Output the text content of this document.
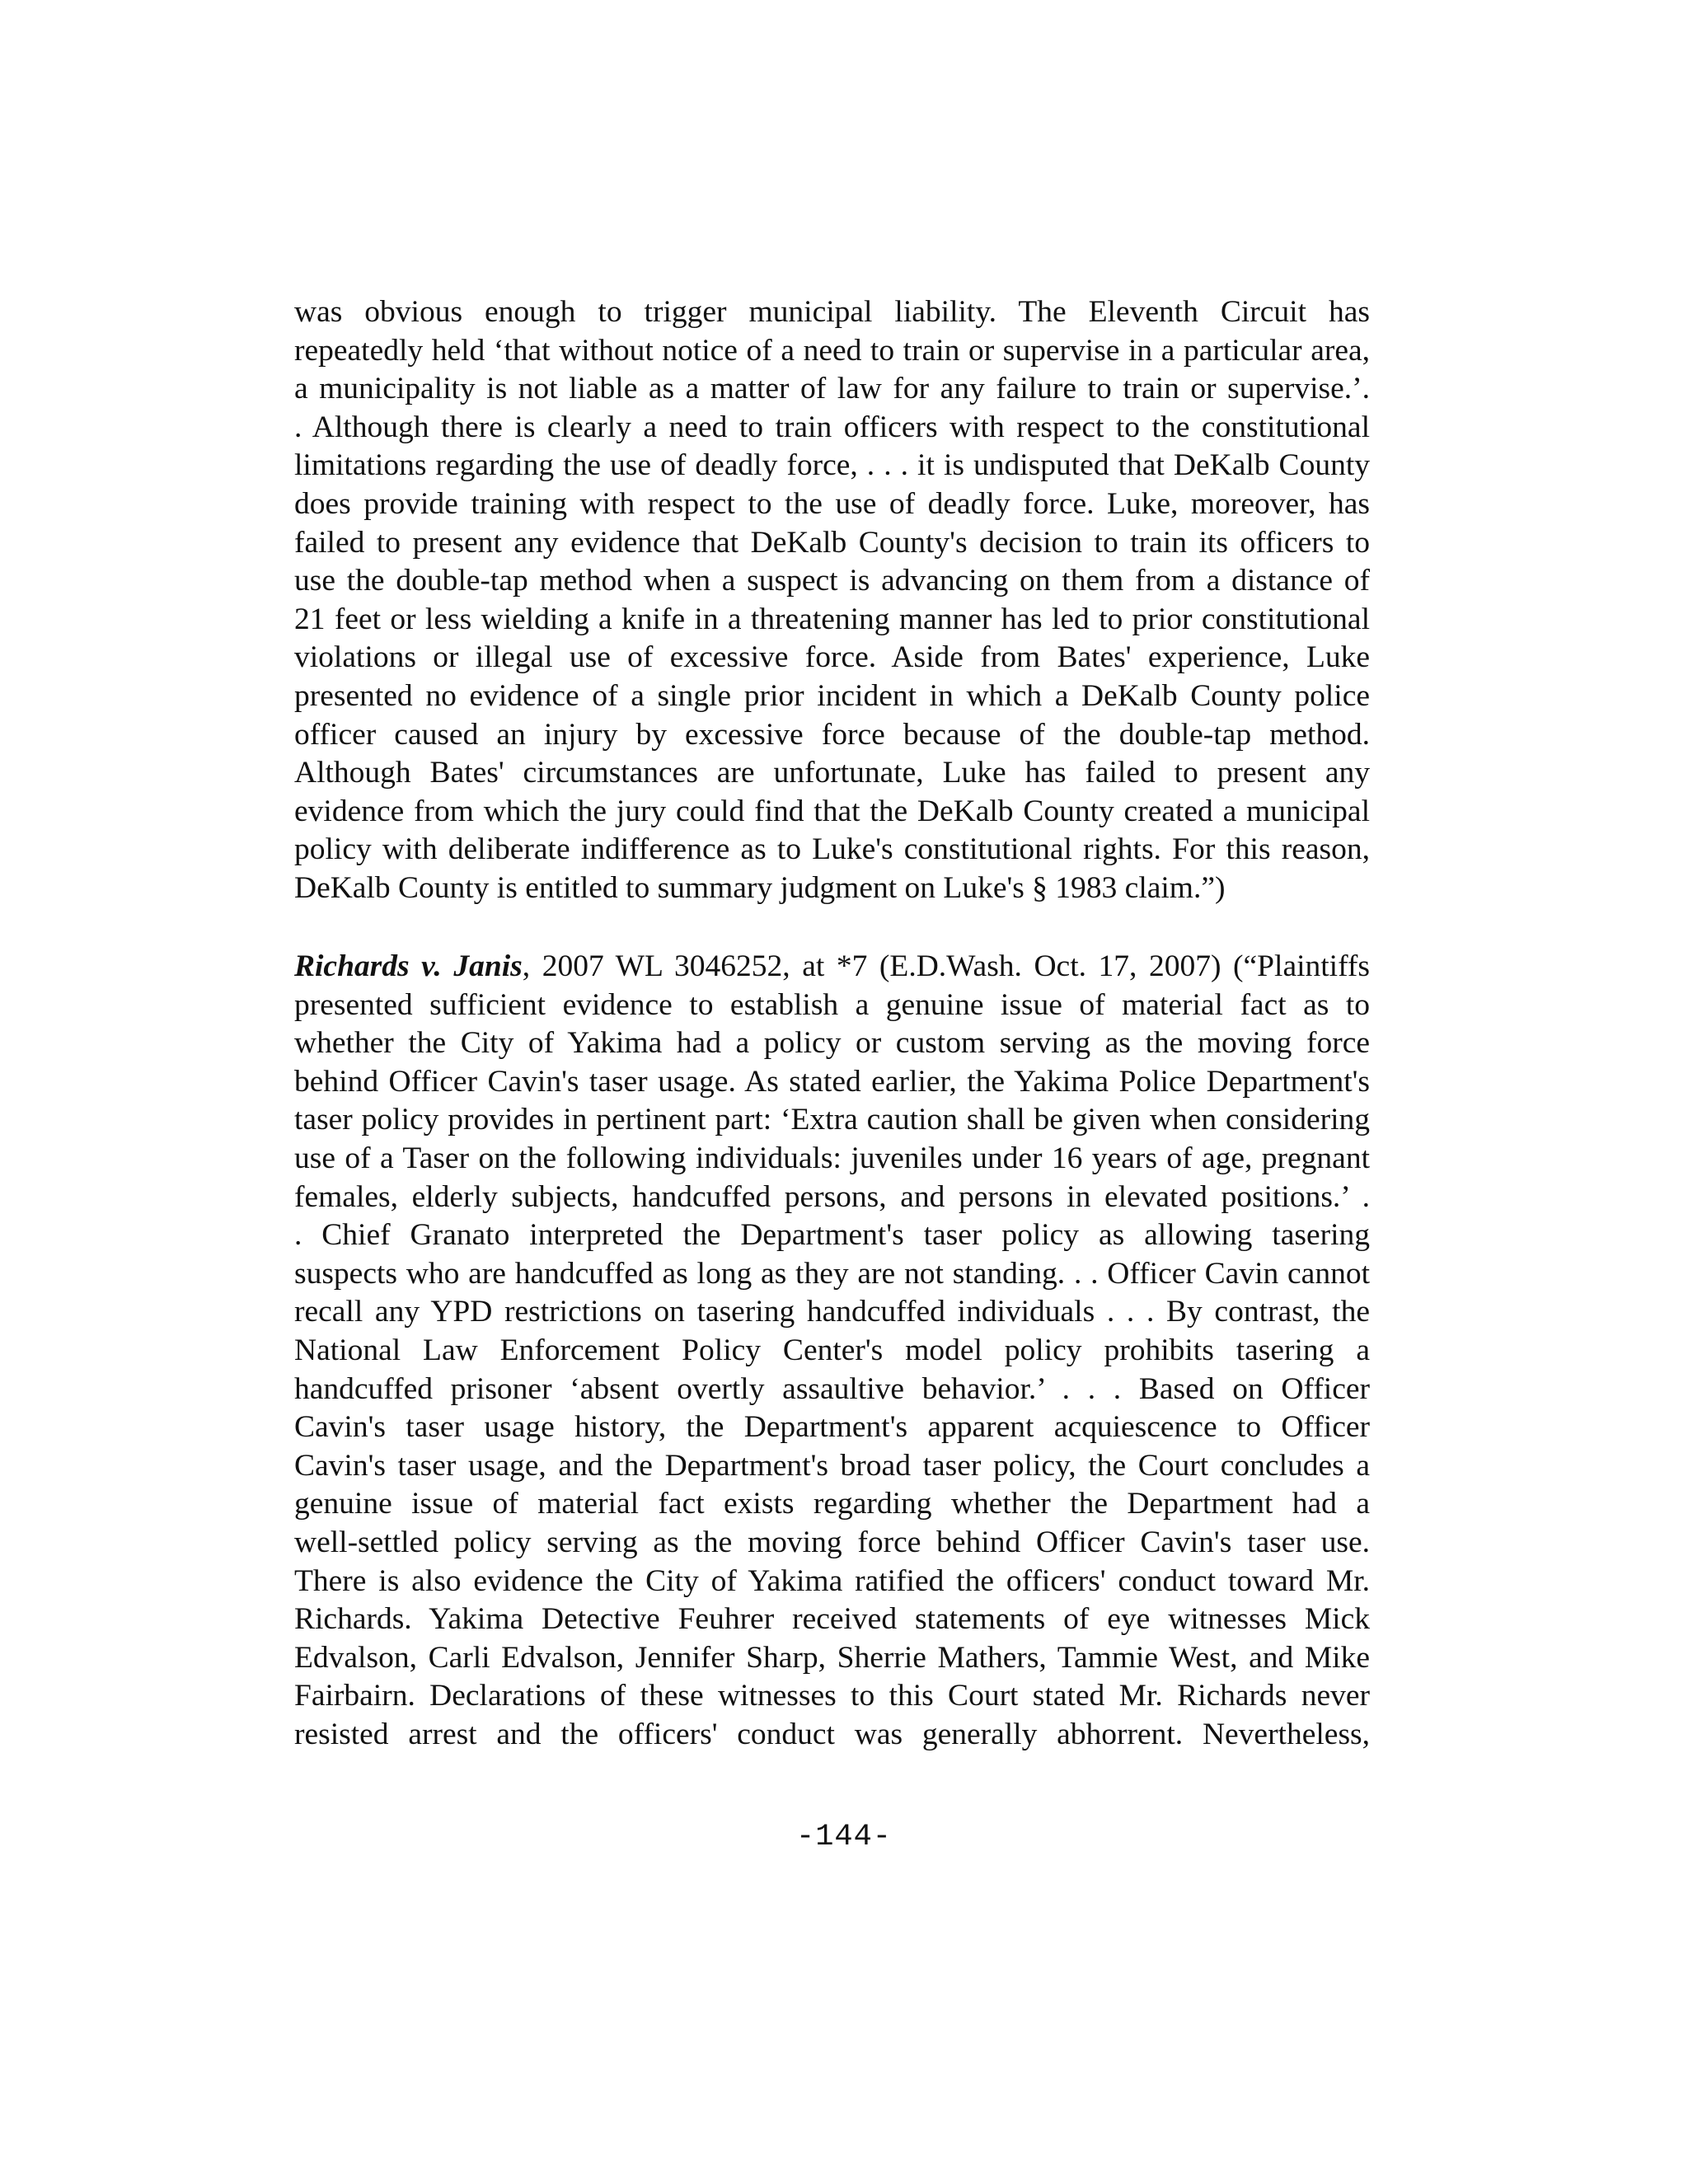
was obvious enough to trigger municipal liability. The Eleventh Circuit has
repeatedly held ‘that without notice of a need to train or supervise in a particular area,
a municipality is not liable as a matter of law for any failure to train or supervise.’.
. Although there is clearly a need to train officers with respect to the constitutional
limitations regarding the use of deadly force, . . . it is undisputed that DeKalb County
does provide training with respect to the use of deadly force. Luke, moreover, has
failed to present any evidence that DeKalb County's decision to train its officers to
use the double-tap method when a suspect is advancing on them from a distance of
21 feet or less wielding a knife in a threatening manner has led to prior constitutional
violations or illegal use of excessive force. Aside from Bates' experience, Luke
presented no evidence of a single prior incident in which a DeKalb County police
officer caused an injury by excessive force because of the double-tap method.
Although Bates' circumstances are unfortunate, Luke has failed to present any
evidence from which the jury could find that the DeKalb County created a municipal
policy with deliberate indifference as to Luke's constitutional rights. For this reason,
DeKalb County is entitled to summary judgment on Luke's § 1983 claim.”)
Richards v. Janis, 2007 WL 3046252, at *7 (E.D.Wash. Oct. 17, 2007) (“Plaintiffs
presented sufficient evidence to establish a genuine issue of material fact as to
whether the City of Yakima had a policy or custom serving as the moving force
behind Officer Cavin's taser usage. As stated earlier, the Yakima Police Department's
taser policy provides in pertinent part: ‘Extra caution shall be given when considering
use of a Taser on the following individuals: juveniles under 16 years of age, pregnant
females, elderly subjects, handcuffed persons, and persons in elevated positions.’ .
. Chief Granato interpreted the Department's taser policy as allowing tasering
suspects who are handcuffed as long as they are not standing. . . Officer Cavin cannot
recall any YPD restrictions on tasering handcuffed individuals . . . By contrast, the
National Law Enforcement Policy Center's model policy prohibits tasering a
handcuffed prisoner ‘absent overtly assaultive behavior.’ . . . Based on Officer
Cavin's taser usage history, the Department's apparent acquiescence to Officer
Cavin's taser usage, and the Department's broad taser policy, the Court concludes a
genuine issue of material fact exists regarding whether the Department had a
well-settled policy serving as the moving force behind Officer Cavin's taser use.
There is also evidence the City of Yakima ratified the officers' conduct toward Mr.
Richards. Yakima Detective Feuhrer received statements of eye witnesses Mick
Edvalson, Carli Edvalson, Jennifer Sharp, Sherrie Mathers, Tammie West, and Mike
Fairbairn. Declarations of these witnesses to this Court stated Mr. Richards never
resisted arrest and the officers' conduct was generally abhorrent. Nevertheless,
-144-
